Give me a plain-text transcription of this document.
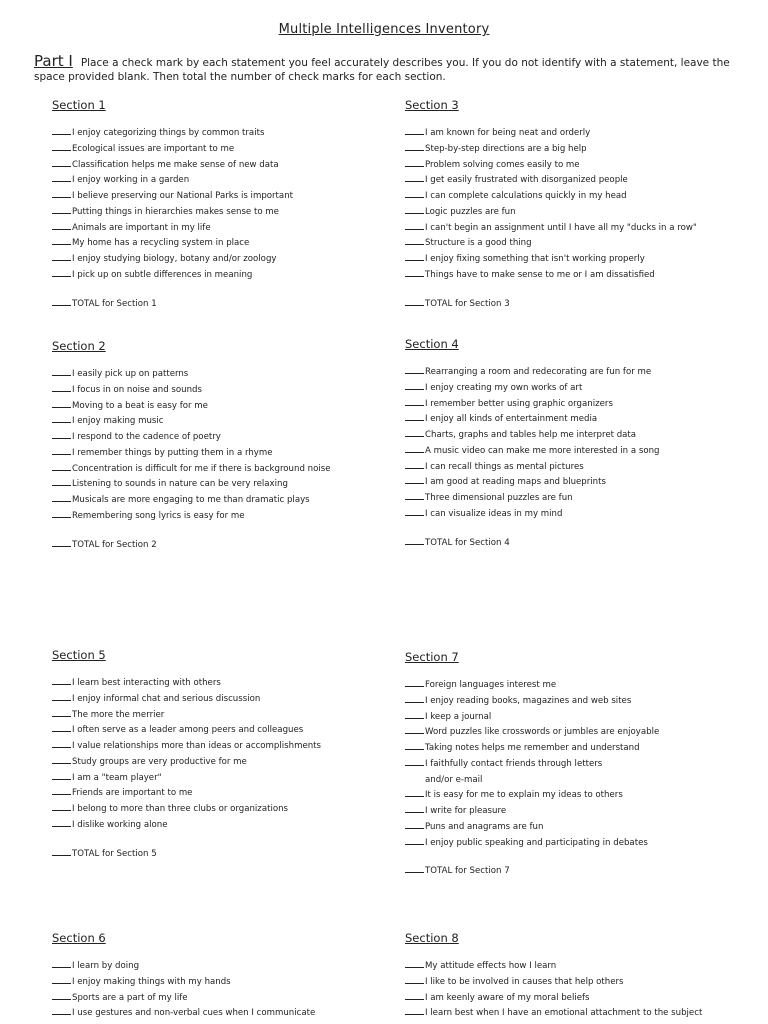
Multiple Intelligences Inventory
Part I Place a check mark by each statement you feel accurately describes you. If you do not identify with a statement, leave the space provided blank. Then total the number of check marks for each section.
Section 1
I enjoy categorizing things by common traits
Ecological issues are important to me
Classification helps me make sense of new data
I enjoy working in a garden
I believe preserving our National Parks is important
Putting things in hierarchies makes sense to me
Animals are important in my life
My home has a recycling system in place
I enjoy studying biology, botany and/or zoology
I pick up on subtle differences in meaning
TOTAL for Section 1
Section 3
I am known for being neat and orderly
Step-by-step directions are a big help
Problem solving comes easily to me
I get easily frustrated with disorganized people
I can complete calculations quickly in my head
Logic puzzles are fun
I can't begin an assignment until I have all my "ducks in a row"
Structure is a good thing
I enjoy fixing something that isn't working properly
Things have to make sense to me or I am dissatisfied
TOTAL for Section 3
Section 2
I easily pick up on patterns
I focus in on noise and sounds
Moving to a beat is easy for me
I enjoy making music
I respond to the cadence of poetry
I remember things by putting them in a rhyme
Concentration is difficult for me if there is background noise
Listening to sounds in nature can be very relaxing
Musicals are more engaging to me than dramatic plays
Remembering song lyrics is easy for me
TOTAL for Section 2
Section 4
Rearranging a room and redecorating are fun for me
I enjoy creating my own works of art
I remember better using graphic organizers
I enjoy all kinds of entertainment media
Charts, graphs and tables help me interpret data
A music video can make me more interested in a song
I can recall things as mental pictures
I am good at reading maps and blueprints
Three dimensional puzzles are fun
I can visualize ideas in my mind
TOTAL for Section 4
Section 5
I learn best interacting with others
I enjoy informal chat and serious discussion
The more the merrier
I often serve as a leader among peers and colleagues
I value relationships more than ideas or accomplishments
Study groups are very productive for me
I am a "team player"
Friends are important to me
I belong to more than three clubs or organizations
I dislike working alone
TOTAL for Section 5
Section 7
Foreign languages interest me
I enjoy reading books, magazines and web sites
I keep a journal
Word puzzles like crosswords or jumbles are enjoyable
Taking notes helps me remember and understand
I faithfully contact friends through letters
and/or e-mail
It is easy for me to explain my ideas to others
I write for pleasure
Puns and anagrams are fun
I enjoy public speaking and participating in debates
TOTAL for Section 7
Section 6
I learn by doing
I enjoy making things with my hands
Sports are a part of my life
I use gestures and non-verbal cues when I communicate
Section 8
My attitude effects how I learn
I like to be involved in causes that help others
I am keenly aware of my moral beliefs
I learn best when I have an emotional attachment to the subject
